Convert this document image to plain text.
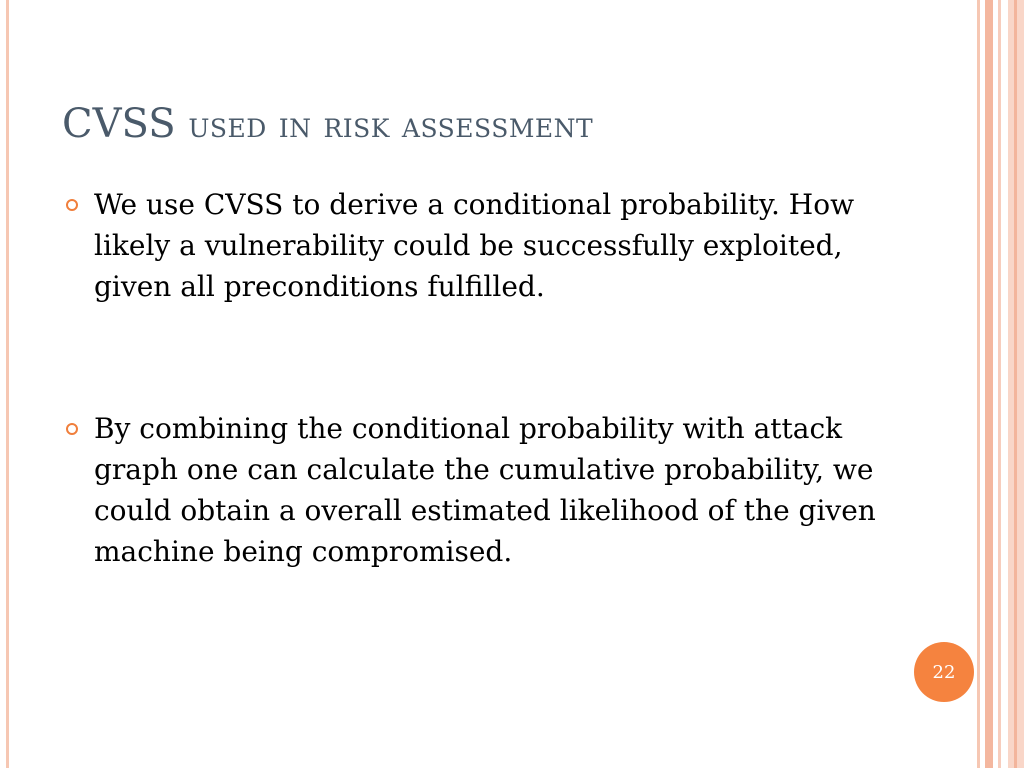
CVSS used in risk assessment
We use CVSS to derive a conditional probability. How likely a vulnerability could be successfully exploited, given all preconditions fulfilled.
By combining the conditional probability with attack graph one can calculate the cumulative probability, we could obtain a overall estimated likelihood of the given machine being compromised.
22
